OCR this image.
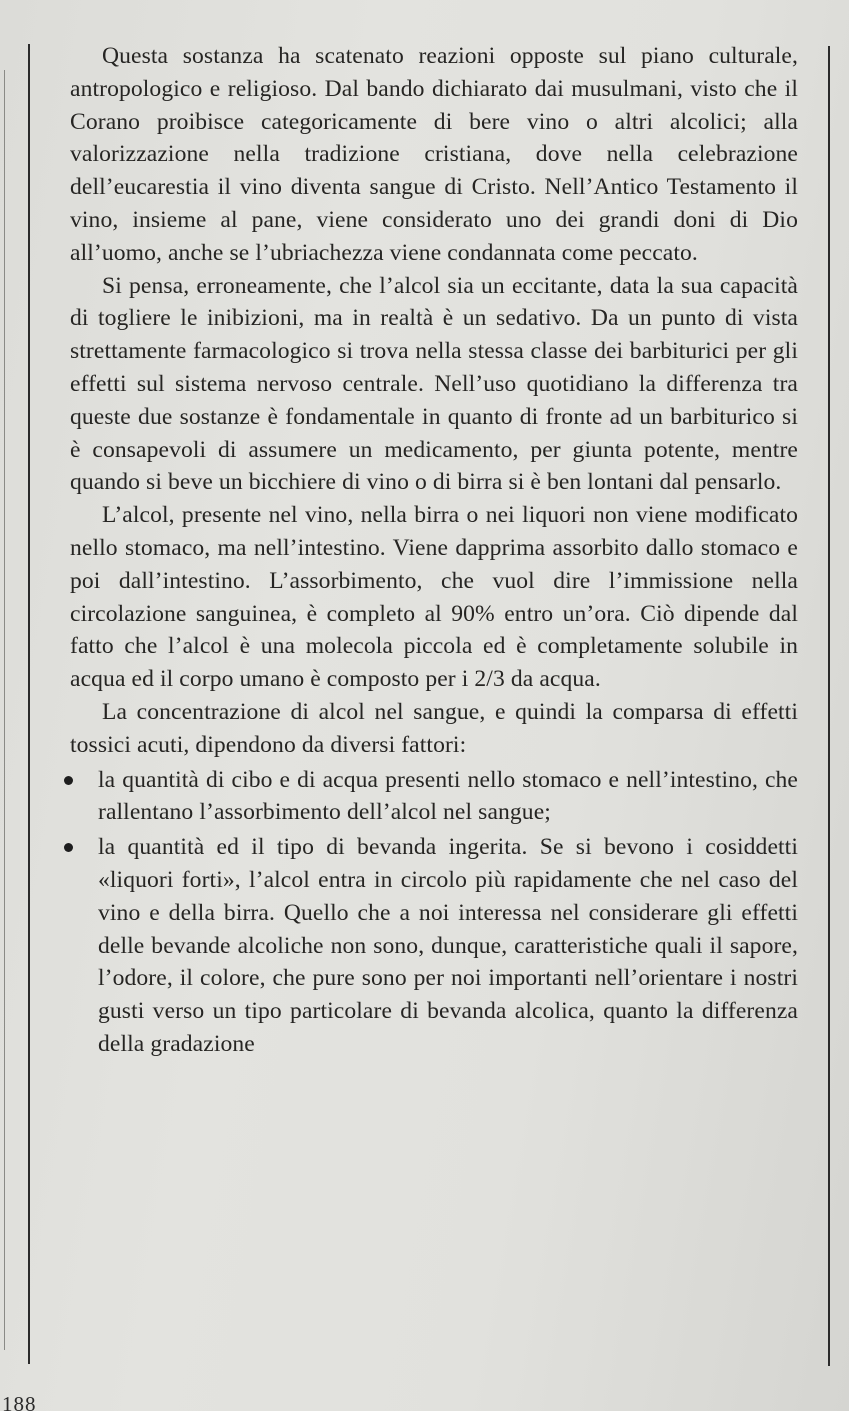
Questa sostanza ha scatenato reazioni opposte sul piano culturale, antropologico e religioso. Dal bando dichiarato dai musulmani, visto che il Corano proibisce categoricamente di bere vino o altri alcolici; alla valorizzazione nella tradizione cristiana, dove nella celebrazione dell’eucarestia il vino diventa sangue di Cristo. Nell’Antico Testamento il vino, insieme al pane, viene considerato uno dei grandi doni di Dio all’uomo, anche se l’ubriachezza viene condannata come peccato.

Si pensa, erroneamente, che l’alcol sia un eccitante, data la sua capacità di togliere le inibizioni, ma in realtà è un sedativo. Da un punto di vista strettamente farmacologico si trova nella stessa classe dei barbiturici per gli effetti sul sistema nervoso centrale. Nell’uso quotidiano la differenza tra queste due sostanze è fondamentale in quanto di fronte ad un barbiturico si è consapevoli di assumere un medicamento, per giunta potente, mentre quando si beve un bicchiere di vino o di birra si è ben lontani dal pensarlo.

L’alcol, presente nel vino, nella birra o nei liquori non viene modificato nello stomaco, ma nell’intestino. Viene dapprima assorbito dallo stomaco e poi dall’intestino. L’assorbimento, che vuol dire l’immissione nella circolazione sanguinea, è completo al 90% entro un’ora. Ciò dipende dal fatto che l’alcol è una molecola piccola ed è completamente solubile in acqua ed il corpo umano è composto per i 2/3 da acqua.

La concentrazione di alcol nel sangue, e quindi la comparsa di effetti tossici acuti, dipendono da diversi fattori:

la quantità di cibo e di acqua presenti nello stomaco e nell’intestino, che rallentano l’assorbimento dell’alcol nel sangue;
la quantità ed il tipo di bevanda ingerita. Se si bevono i cosiddetti «liquori forti», l’alcol entra in circolo più rapidamente che nel caso del vino e della birra. Quello che a noi interessa nel considerare gli effetti delle bevande alcoliche non sono, dunque, caratteristiche quali il sapore, l’odore, il colore, che pure sono per noi importanti nell’orientare i nostri gusti verso un tipo particolare di bevanda alcolica, quanto la differenza della gradazione
188
